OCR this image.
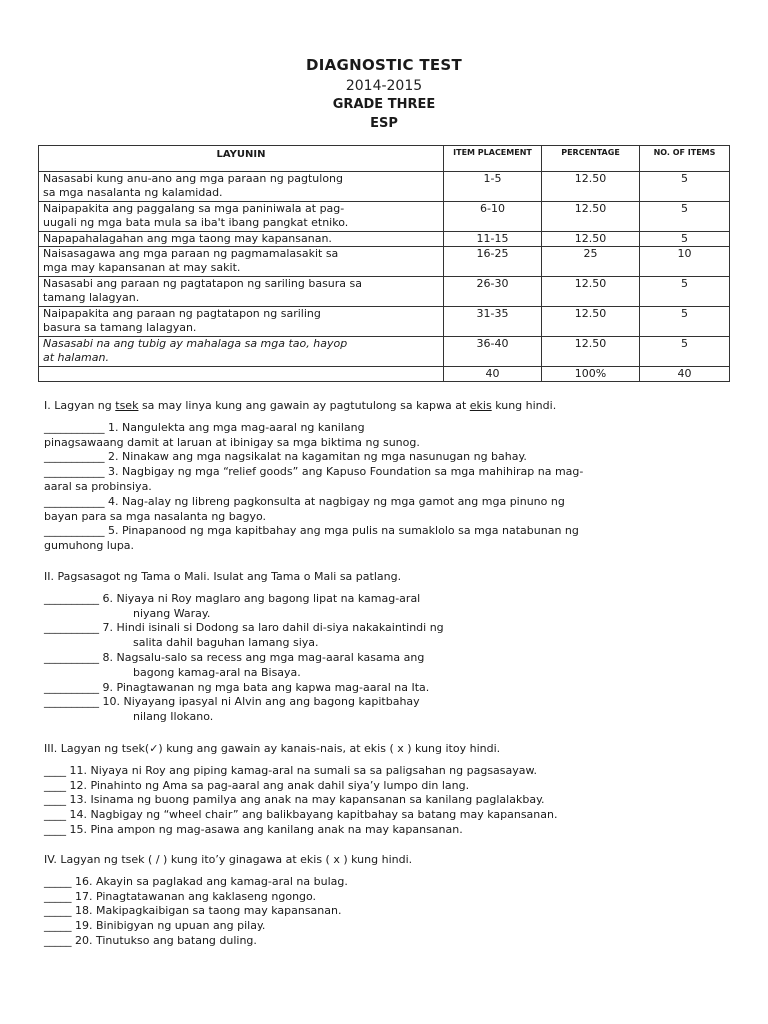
DIAGNOSTIC TEST
2014-2015
GRADE THREE
ESP
LAYUNIN	ITEM PLACEMENT	PERCENTAGE	NO. OF ITEMS
Nasasabi kung anu-ano ang mga paraan ng pagtulong
sa mga nasalanta ng kalamidad.	1-5	12.50	5
Naipapakita ang paggalang sa mga paniniwala at pag-
uugali ng mga bata mula sa iba't ibang pangkat etniko.	6-10	12.50	5
Napapahalagahan ang mga taong may kapansanan.	11-15	12.50	5
Naisasagawa ang mga paraan ng pagmamalasakit sa
mga may kapansanan at may sakit.	16-25	25	10
Nasasabi ang paraan ng pagtatapon ng sariling basura sa
tamang lalagyan.	26-30	12.50	5
Naipapakita ang paraan ng pagtatapon ng sariling
basura sa tamang lalagyan.	31-35	12.50	5
Nasasabi na ang tubig ay mahalaga sa mga tao, hayop
at halaman.	36-40	12.50	5
	40	100%	40

I. Lagyan ng tsek sa may linya kung ang gawain ay pagtutulong sa kapwa at ekis kung hindi.

___________ 1. Nangulekta ang mga mag-aaral ng kanilang

pinagsawaang damit at laruan at ibinigay sa mga biktima ng sunog.

___________ 2. Ninakaw ang mga nagsikalat na kagamitan ng mga nasunugan ng bahay.

___________ 3. Nagbigay ng mga “relief goods” ang Kapuso Foundation sa mga mahihirap na mag-

aaral sa probinsiya.

___________ 4. Nag-alay ng libreng pagkonsulta at nagbigay ng mga gamot ang mga pinuno ng

bayan para sa mga nasalanta ng bagyo.

___________ 5. Pinapanood ng mga kapitbahay ang mga pulis na sumaklolo sa mga natabunan ng

gumuhong lupa.

II. Pagsasagot ng Tama o Mali. Isulat ang Tama o Mali sa patlang.

__________ 6. Niyaya ni Roy maglaro ang bagong lipat na kamag-aral

niyang Waray.

__________ 7. Hindi isinali si Dodong sa laro dahil di-siya nakakaintindi ng

salita dahil baguhan lamang siya.

__________ 8. Nagsalu-salo sa recess ang mga mag-aaral kasama ang

bagong kamag-aral na Bisaya.

__________ 9. Pinagtawanan ng mga bata ang kapwa mag-aaral na Ita.

__________ 10. Niyayang ipasyal ni Alvin ang ang bagong kapitbahay

nilang Ilokano.

III. Lagyan ng tsek(✓) kung ang gawain ay kanais-nais, at ekis ( x ) kung itoy hindi.

____ 11. Niyaya ni Roy ang piping kamag-aral na sumali sa sa paligsahan ng pagsasayaw.

____ 12. Pinahinto ng Ama sa pag-aaral ang anak dahil siya’y lumpo din lang.

____ 13. Isinama ng buong pamilya ang anak na may kapansanan sa kanilang paglalakbay.

____ 14. Nagbigay ng “wheel chair” ang balikbayang kapitbahay sa batang may kapansanan.

____ 15. Pina ampon ng mag-asawa ang kanilang anak na may kapansanan.

IV. Lagyan ng tsek ( / ) kung ito’y ginagawa at ekis ( x ) kung hindi.

_____ 16. Akayin sa paglakad ang kamag-aral na bulag.

_____ 17. Pinagtatawanan ang kaklaseng ngongo.

_____ 18. Makipagkaibigan sa taong may kapansanan.

_____ 19. Binibigyan ng upuan ang pilay.

_____ 20. Tinutukso ang batang duling.
